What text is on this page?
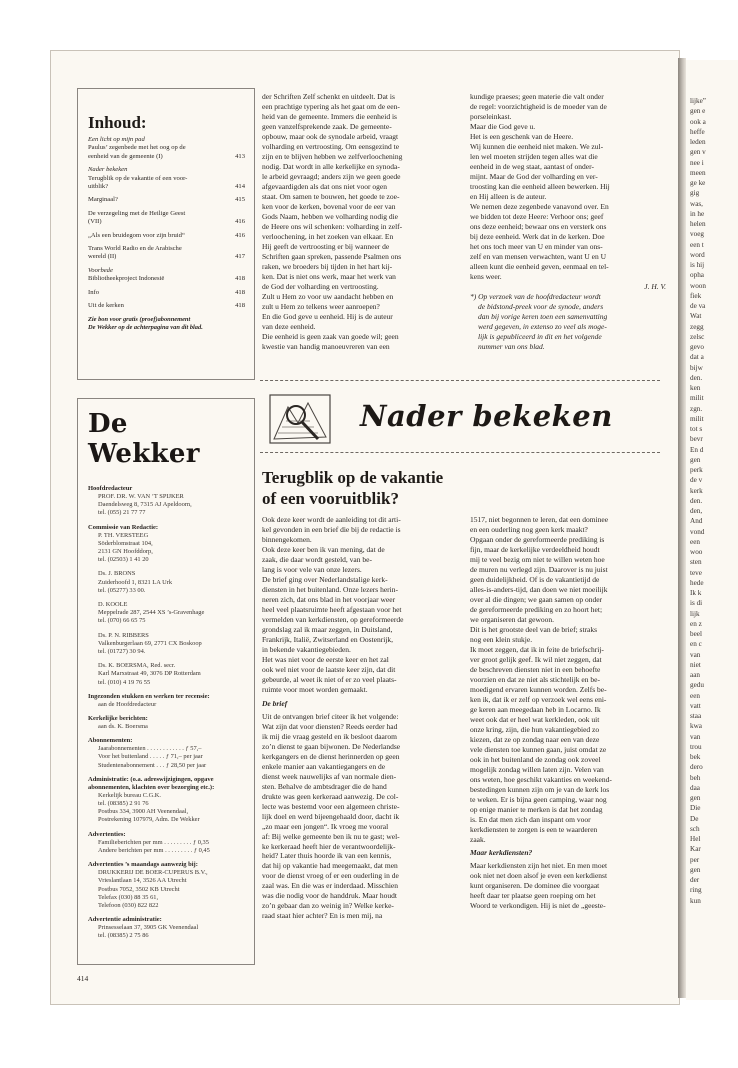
lijke”
gen e
ook a
heffe
leden
gen v
nee i
meen
ge ke
gig
was,
in he
helen
voeg
een t
word
is hij
opha
woon
fiek
de va
Wat
zegg
zelsc
gevo
dat a
bijw
den.
ken
milit
zgn.
milit
tot s
bevr
En d
gen
perk
de v
kerk
den.
den,
And
vond
een
woo
sten
teve
hede
Ik k
is di
lijk
en z
beel
en c
van
niet
aan
gedu
een
vatt
staa
kwa
van
trou
bek
dero
beh
daa
gen
Die
De
sch
Hel
Kar
per
gen
der
ring
kun
Inhoud:
Een licht op mijn pad
Paulus’ zegenbede met het oog op de
eenheid van de gemeente (I)	413
Nader bekeken
Terugblik op de vakantie of een voor-
uitblik?	414
Marginaal?	415
De verzegeling met de Heilige Geest
(VII)	416
„Als een bruidegom voor zijn bruid“	416
Trans World Radio en de Arabische
wereld (II)	417
Voorbede
Bibliotheekproject Indonesië	418
Info	418
Uit de kerken	418
Zie bon voor gratis (proef)abonnement
De Wekker op de achterpagina van dit blad.
De Wekker
Hoofdredacteur
PROF. DR. W. VAN ’T SPIJKER
Daendelsweg 8, 7315 AJ Apeldoorn,
tel. (055) 21 77 77
Commissie van Redactie:
P. TH. VERSTEEG
Söderblomstraat 104,
2131 GN Hoofddorp,
tel. (02503) 1 41 20
Ds. J. BRONS
Zuiderhoofd 1, 8321 LA Urk
tel. (05277) 33 00.
D. KOOLE
Meppelrade 287, 2544 XS ’s-Gravenhage
tel. (070) 66 65 75
Ds. P. N. RIBBERS
Valkenburgerlaan 69, 2771 CX Boskoop
tel. (01727) 30 94.
Ds. K. BOERSMA, Red. secr.
Karl Marxstraat 49, 3076 DP Rotterdam
tel. (010) 4 19 76 55
Ingezonden stukken en werken ter recensie:
aan de Hoofdredacteur
Kerkelijke berichten:
aan ds. K. Boersma
Abonnementen:
Jaarabonnementen . . . . . . . . . . . . ƒ 57,–
Voor het buitenland . . . . . ƒ 71,– per jaar
Studentenabonnement . . . ƒ 28,50 per jaar
Administratie: (o.a. adreswijzigingen, opgave abonnementen, klachten over bezorging etc.):
Kerkelijk bureau C.G.K.
tel. (08385) 2 91 76
Postbus 334, 3900 AH Veenendaal,
Postrekening 107979, Adm. De Wekker
Advertenties:
Familieberichten per mm . . . . . . . . . ƒ 0,35
Andere berichten per mm . . . . . . . . . ƒ 0,45
Advertenties ’s maandags aanwezig bij:
DRUKKERIJ DE BOER-CUPERUS B.V.,
Vrieslantlaan 14, 3526 AA Utrecht
Postbus 7052, 3502 KB Utrecht
Telefax (030) 88 35 61,
Telefoon (030) 822 822
Advertentie administratie:
Prinsesselaan 37, 3905 GK Veenendaal
tel. (08385) 2 75 86
414
der Schriften Zelf schenkt en uitdeelt. Dat is
een prachtige typering als het gaat om de een-
heid van de gemeente. Immers die eenheid is
geen vanzelfsprekende zaak. De gemeente-
opbouw, maar ook de synodale arbeid, vraagt
volharding en vertroosting. Om eensgezind te
zijn en te blijven hebben we zelfverloochening
nodig. Dat wordt in alle kerkelijke en synoda-
le arbeid gevraagd; anders zijn we geen goede
afgevaardigden als dat ons niet voor ogen
staat. Om samen te bouwen, het goede te zoe-
ken voor de kerken, bovenal voor de eer van
Gods Naam, hebben we volharding nodig die
de Heere ons wil schenken: volharding in zelf-
verloochening, in het zoeken van elkaar. En
Hij geeft de vertroosting er bij wanneer de
Schriften gaan spreken, passende Psalmen ons
raken, we broeders bij tijden in het hart kij-
ken. Dat is niet ons werk, maar het werk van
de God der volharding en vertroosting.
Zult u Hem zo voor uw aandacht hebben en
zult u Hem zo telkens weer aanroepen?
En die God geve u eenheid. Hij is de auteur
van deze eenheid.
Die eenheid is geen zaak van goede wil; geen
kwestie van handig manoeuvreren van een
kundige praeses; geen materie die valt onder
de regel: voorzichtigheid is de moeder van de
porseleinkast.
Maar die God geve u.
Het is een geschenk van de Heere.
Wij kunnen die eenheid niet maken. We zul-
len wel moeten strijden tegen alles wat die
eenheid in de weg staat, aantast of onder-
mijnt. Maar de God der volharding en ver-
troosting kan die eenheid alleen bewerken. Hij
en Hij alleen is de auteur.
We nemen deze zegenbede vanavond over. En
we bidden tot deze Heere: Verhoor ons; geef
ons deze eenheid; bewaar ons en versterk ons
bij deze eenheid. Werk dat in de kerken. Doe
het ons toch meer van U en minder van ons-
zelf en van mensen verwachten, want U en U
alleen kunt die eenheid geven, eenmaal en tel-
kens weer.
J. H. V.
*) Op verzoek van de hoofdredacteur wordt
de bidstond-preek voor de synode, anders
dan bij vorige keren toen een samenvatting
werd gegeven, in extenso zo veel als moge-
lijk is gepubliceerd in dit en het volgende
nummer van ons blad.
Nader bekeken
Terugblik op de vakantie
of een vooruitblik?
Ook deze keer wordt de aanleiding tot dit arti-
kel gevonden in een brief die bij de redactie is
binnengekomen.
Ook deze keer ben ik van mening, dat de
zaak, die daar wordt gesteld, van be-
lang is voor vele van onze lezers.
De brief ging over Nederlandstalige kerk-
diensten in het buitenland. Onze lezers herin-
neren zich, dat ons blad in het voorjaar weer
heel veel plaatsruimte heeft afgestaan voor het
vermelden van kerkdiensten, op gereformeerde
grondslag zal ik maar zeggen, in Duitsland,
Frankrijk, Italië, Zwitserland en Oostenrijk,
in bekende vakantiegebieden.
Het was niet voor de eerste keer en het zal
ook wel niet voor de laatste keer zijn, dat dit
gebeurde, al weet ik niet of er zo veel plaats-
ruimte voor moet worden gemaakt.
De brief
Uit de ontvangen brief citeer ik het volgende:
Wat zijn dat voor diensten? Reeds eerder had
ik mij die vraag gesteld en ik besloot daarom
zo’n dienst te gaan bijwonen. De Nederlandse
kerkgangers en de dienst herinnerden op geen
enkele manier aan vakantiegangers en de
dienst week nauwelijks af van normale dien-
sten. Behalve de ambtsdrager die de hand
drukte was geen kerkeraad aanwezig. De col-
lecte was bestemd voor een algemeen christe-
lijk doel en werd bijeengehaald door, dacht ik
„zo maar een jongen“. Ik vroeg me vooral
af: Bij welke gemeente ben ik nu te gast; wel-
ke kerkeraad heeft hier de verantwoordelijk-
heid? Later thuis hoorde ik van een kennis,
dat hij op vakantie had meegemaakt, dat men
voor de dienst vroeg of er een ouderling in de
zaal was. En die was er inderdaad. Misschien
was die nodig voor de handdruk. Maar houdt
zo’n gebaar dan zo weinig in? Welke kerke-
raad staat hier achter? En is men mij, na
1517, niet begonnen te leren, dat een dominee
en een ouderling nog geen kerk maakt?
Opgaan onder de gereformeerde prediking is
fijn, maar de kerkelijke verdeeldheid houdt
mij te veel bezig om niet te willen weten hoe
de muren nu verlegd zijn. Daarover is nu juist
geen duidelijkheid. Of is de vakantietijd de
alles-is-anders-tijd, dan doen we niet moeilijk
over al die dingen; we gaan samen op onder
de gereformeerde prediking en zo hoort het;
we organiseren dat gewoon.
Dit is het grootste deel van de brief; straks
nog een klein stukje.
Ik moet zeggen, dat ik in feite de briefschrij-
ver groot gelijk geef. Ik wil niet zeggen, dat
de beschreven diensten niet in een behoefte
voorzien en dat ze niet als stichtelijk en be-
moedigend ervaren kunnen worden. Zelfs be-
ken ik, dat ik er zelf op verzoek wel eens eni-
ge keren aan meegedaan heb in Locarno. Ik
weet ook dat er heel wat kerkleden, ook uit
onze kring, zijn, die hun vakantiegebied zo
kiezen, dat ze op zondag naar een van deze
vele diensten toe kunnen gaan, juist omdat ze
ook in het buitenland de zondag ook zoveel
mogelijk zondag willen laten zijn. Velen van
ons weten, hoe geschikt vakanties en weekend-
bestedingen kunnen zijn om je van de kerk los
te weken. Er is bijna geen camping, waar nog
op enige manier te merken is dat het zondag
is. En dat men zich dan inspant om voor
kerkdiensten te zorgen is een te waarderen
zaak.
Maar kerkdiensten?
Maar kerkdiensten zijn het niet. En men moet
ook niet net doen alsof je even een kerkdienst
kunt organiseren. De dominee die voorgaat
heeft daar ter plaatse geen roeping om het
Woord te verkondigen. Hij is niet de „geeste-
